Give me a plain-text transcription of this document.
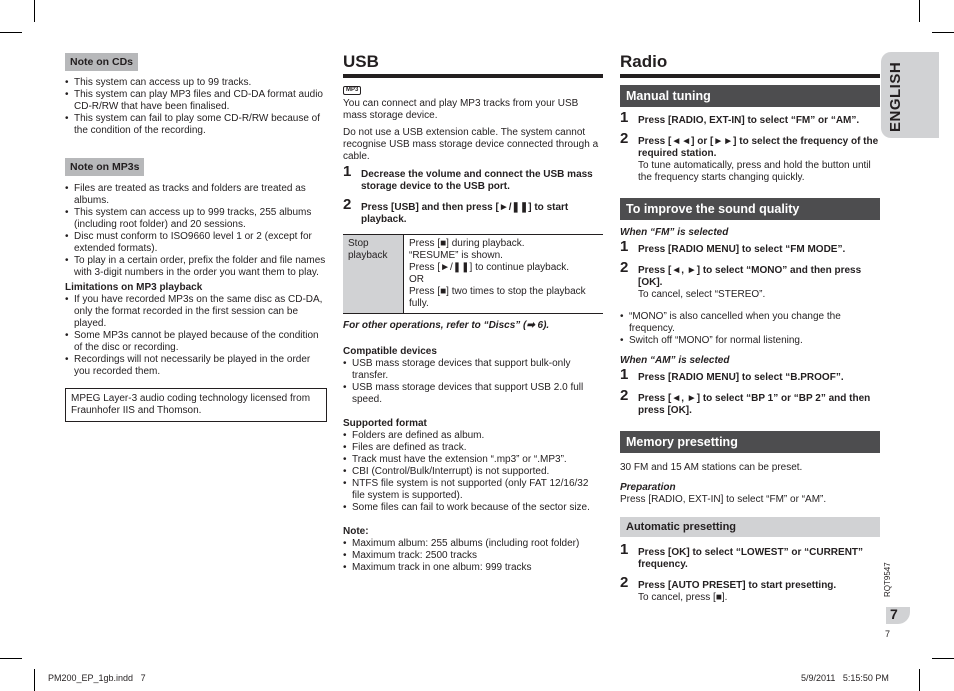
Note on CDs
• This system can access up to 99 tracks.
• This system can play MP3 files and CD-DA format audio CD-R/RW that have been finalised.
• This system can fail to play some CD-R/RW because of the condition of the recording.
Note on MP3s
• Files are treated as tracks and folders are treated as albums.
• This system can access up to 999 tracks, 255 albums (including root folder) and 20 sessions.
• Disc must conform to ISO9660 level 1 or 2 (except for extended formats).
• To play in a certain order, prefix the folder and file names with 3-digit numbers in the order you want them to play.

Limitations on MP3 playback

• If you have recorded MP3s on the same disc as CD-DA, only the format recorded in the first session can be played.
• Some MP3s cannot be played because of the condition of the disc or recording.
• Recordings will not necessarily be played in the order you recorded them.

MPEG Layer-3 audio coding technology licensed from Fraunhofer IIS and Thomson.

USB
MP3

You can connect and play MP3 tracks from your USB mass storage device.

Do not use a USB extension cable. The system cannot recognise USB mass storage device connected through a cable.

1 Decrease the volume and connect the USB mass storage device to the USB port.
2 Press [USB] and then press [►/❚❚] to start playback.
Stop playback	
Press [■] during playback.
“RESUME” is shown.
Press [►/❚❚] to continue playback.
OR
Press [■] two times to stop the playback fully.

For other operations, refer to “Discs” (➡ 6).

Compatible devices

• USB mass storage devices that support bulk-only transfer.
• USB mass storage devices that support USB 2.0 full speed.

Supported format

• Folders are defined as album.
• Files are defined as track.
• Track must have the extension “.mp3” or “.MP3”.
• CBI (Control/Bulk/Interrupt) is not supported.
• NTFS file system is not supported (only FAT 12/16/32 file system is supported).
• Some files can fail to work because of the sector size.

Note:

• Maximum album: 255 albums (including root folder)
• Maximum track: 2500 tracks
• Maximum track in one album: 999 tracks
Radio
Manual tuning
1 Press [RADIO, EXT-IN] to select “FM” or “AM”.
2 Press [◄◄] or [►►] to select the frequency of the required station.
To tune automatically, press and hold the button until the frequency starts changing quickly.
To improve the sound quality

When “FM” is selected

1 Press [RADIO MENU] to select “FM MODE”.
2 Press [◄, ►] to select “MONO” and then press [OK].
To cancel, select “STEREO”.
• “MONO” is also cancelled when you change the frequency.
• Switch off “MONO” for normal listening.

When “AM” is selected

1 Press [RADIO MENU] to select “B.PROOF”.
2 Press [◄, ►] to select “BP 1” or “BP 2” and then press [OK].
Memory presetting

30 FM and 15 AM stations can be preset.

Preparation

Press [RADIO, EXT-IN] to select “FM” or “AM”.

Automatic presetting
1 Press [OK] to select “LOWEST” or “CURRENT” frequency.
2 Press [AUTO PRESET] to start presetting.
To cancel, press [■].
ENGLISH
RQT9547
7
7
PM200_EP_1gb.indd   7	5/9/2011   5:15:50 PM
